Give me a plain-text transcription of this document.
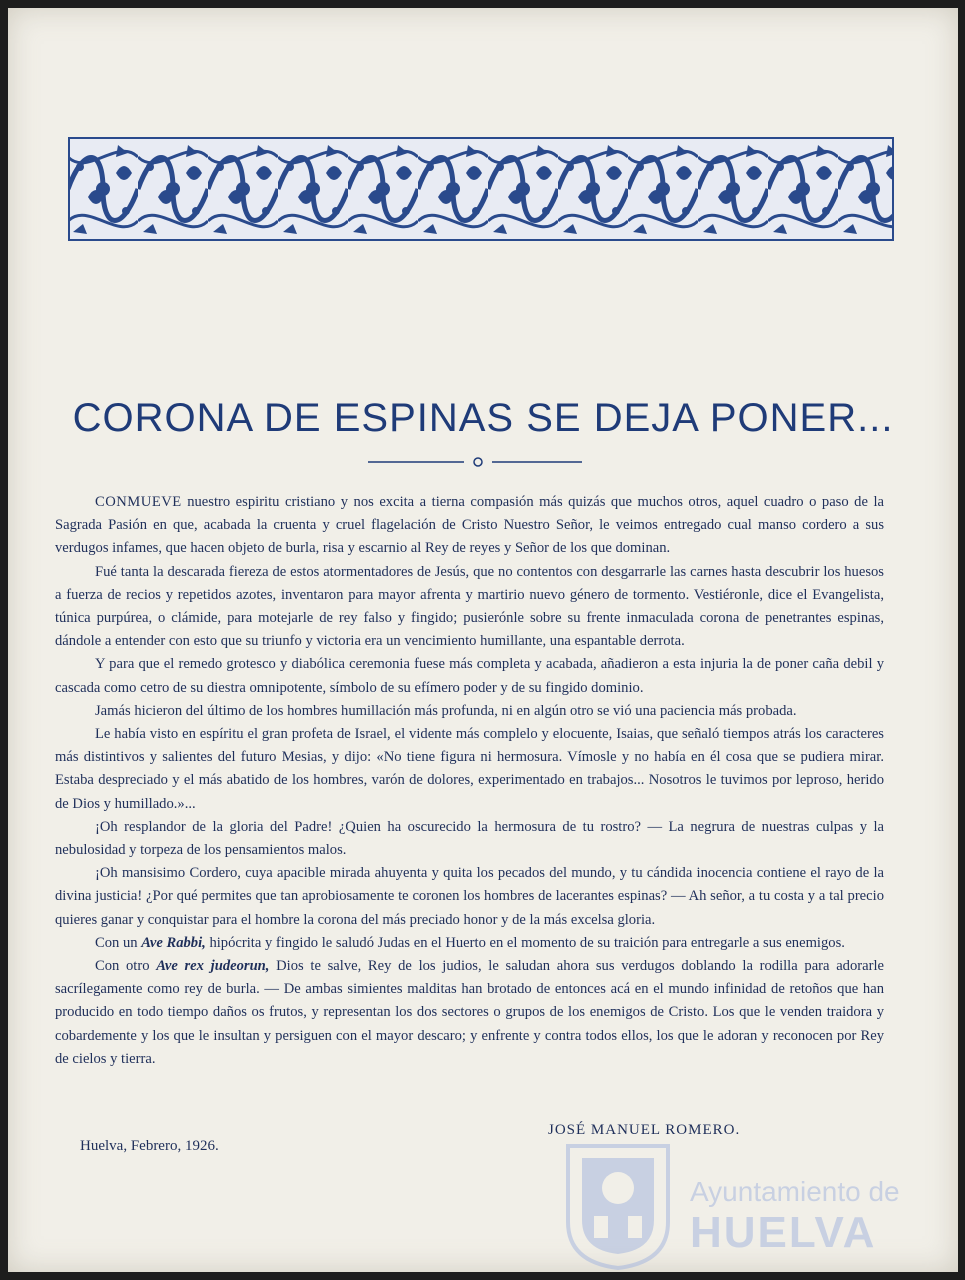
CORONA DE ESPINAS SE DEJA PONER...

CONMUEVE nuestro espiritu cristiano y nos excita a tierna compasión más quizás que muchos otros, aquel cuadro o paso de la Sagrada Pasión en que, acabada la cruenta y cruel flagelación de Cristo Nuestro Señor, le veimos entregado cual manso cordero a sus verdugos infames, que hacen objeto de burla, risa y escarnio al Rey de reyes y Señor de los que dominan.

Fué tanta la descarada fiereza de estos atormentadores de Jesús, que no contentos con desgarrarle las carnes hasta descubrir los huesos a fuerza de recios y repetidos azotes, inventaron para mayor afrenta y martirio nuevo género de tormento. Vestiéronle, dice el Evangelista, túnica purpúrea, o clámide, para motejarle de rey falso y fingido; pusierónle sobre su frente inmaculada corona de penetrantes espinas, dándole a entender con esto que su triunfo y victoria era un vencimiento humillante, una espantable derrota.

Y para que el remedo grotesco y diabólica ceremonia fuese más completa y acabada, añadieron a esta injuria la de poner caña debil y cascada como cetro de su diestra omnipotente, símbolo de su efímero poder y de su fingido dominio.

Jamás hicieron del último de los hombres humillación más profunda, ni en algún otro se vió una paciencia más probada.

Le había visto en espíritu el gran profeta de Israel, el vidente más complelo y elocuente, Isaias, que señaló tiempos atrás los caracteres más distintivos y salientes del futuro Mesias, y dijo: «No tiene figura ni hermosura. Vímosle y no había en él cosa que se pudiera mirar. Estaba despreciado y el más abatido de los hombres, varón de dolores, experimentado en trabajos... Nosotros le tuvimos por leproso, herido de Dios y humillado.»...

¡Oh resplandor de la gloria del Padre! ¿Quien ha oscurecido la hermosura de tu rostro? — La negrura de nuestras culpas y la nebulosidad y torpeza de los pensamientos malos.

¡Oh mansisimo Cordero, cuya apacible mirada ahuyenta y quita los pecados del mundo, y tu cándida inocencia contiene el rayo de la divina justicia! ¿Por qué permites que tan aprobiosamente te coronen los hombres de lacerantes espinas? — Ah señor, a tu costa y a tal precio quieres ganar y conquistar para el hombre la corona del más preciado honor y de la más excelsa gloria.

Con un Ave Rabbi, hipócrita y fingido le saludó Judas en el Huerto en el momento de su traición para entregarle a sus enemigos.

Con otro Ave rex judeorun, Dios te salve, Rey de los judios, le saludan ahora sus verdugos doblando la rodilla para adorarle sacrílegamente como rey de burla. — De ambas simientes malditas han brotado de entonces acá en el mundo infinidad de retoños que han producido en todo tiempo daños os frutos, y representan los dos sectores o grupos de los enemigos de Cristo. Los que le venden traidora y cobardemente y los que le insultan y persiguen con el mayor descaro; y enfrente y contra todos ellos, los que le adoran y reconocen por Rey de cielos y tierra.

JOSÉ MANUEL ROMERO.
Huelva, Febrero, 1926.
Ayuntamiento de
HUELVA
